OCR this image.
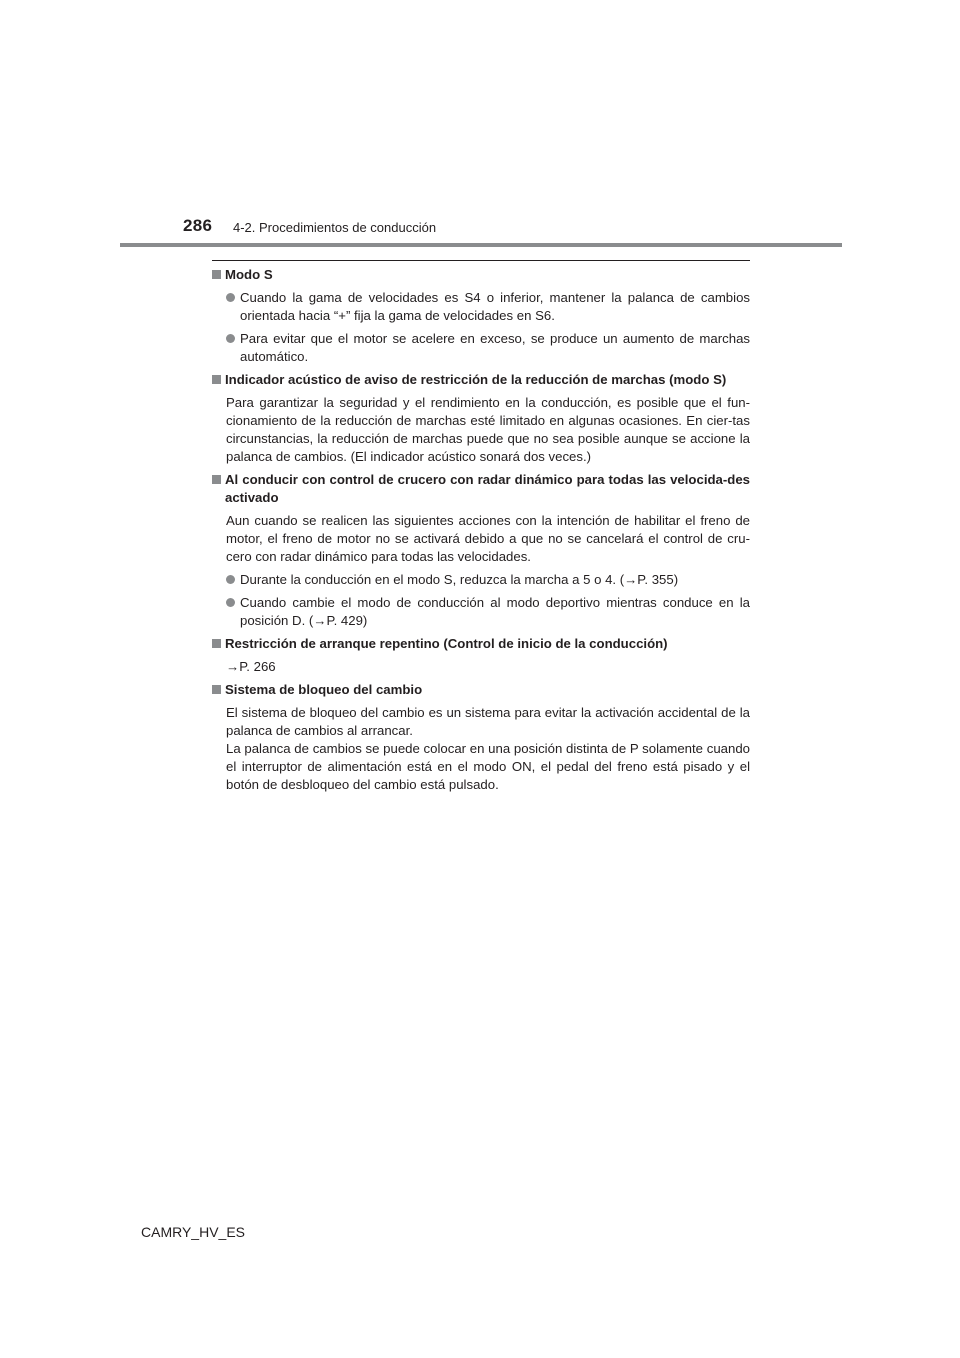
286 4-2. Procedimientos de conducción
Modo S
Cuando la gama de velocidades es S4 o inferior, mantener la palanca de cambios orientada hacia “+” fija la gama de velocidades en S6.
Para evitar que el motor se acelere en exceso, se produce un aumento de marchas automático.
Indicador acústico de aviso de restricción de la reducción de marchas (modo S)
Para garantizar la seguridad y el rendimiento en la conducción, es posible que el fun-cionamiento de la reducción de marchas esté limitado en algunas ocasiones. En cier-tas circunstancias, la reducción de marchas puede que no sea posible aunque se accione la palanca de cambios. (El indicador acústico sonará dos veces.)
Al conducir con control de crucero con radar dinámico para todas las velocida-des activado
Aun cuando se realicen las siguientes acciones con la intención de habilitar el freno de motor, el freno de motor no se activará debido a que no se cancelará el control de cru-cero con radar dinámico para todas las velocidades.
Durante la conducción en el modo S, reduzca la marcha a 5 o 4. (→P. 355)
Cuando cambie el modo de conducción al modo deportivo mientras conduce en la posición D. (→P. 429)
Restricción de arranque repentino (Control de inicio de la conducción)
→P. 266
Sistema de bloqueo del cambio
El sistema de bloqueo del cambio es un sistema para evitar la activación accidental de la palanca de cambios al arrancar.
La palanca de cambios se puede colocar en una posición distinta de P solamente cuando el interruptor de alimentación está en el modo ON, el pedal del freno está pisado y el botón de desbloqueo del cambio está pulsado.
CAMRY_HV_ES
